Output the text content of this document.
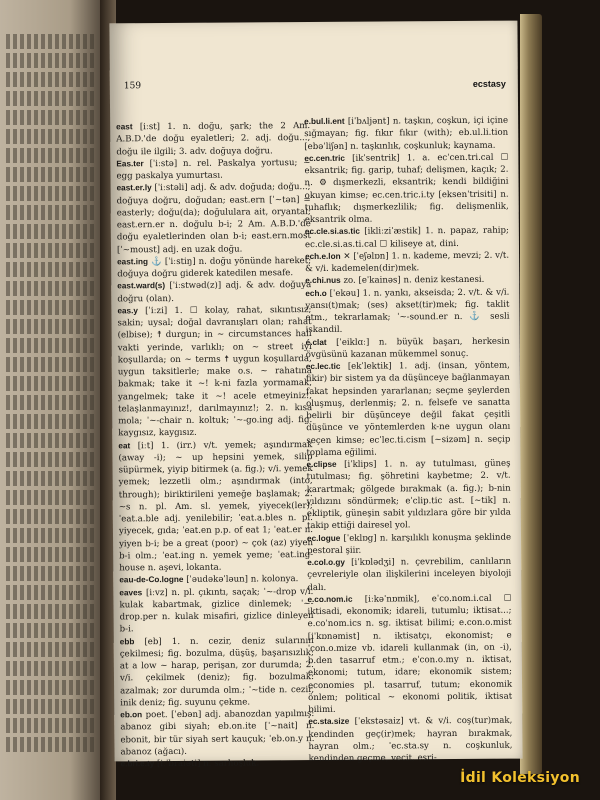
159	ecstasy

east [iːst] 1. n. doğu, şark; the 2 Am. A.B.D.'de doğu eyaletleri; 2. adj. doğu..., doğu ile ilgili; 3. adv. doğuya doğru.

Eas.ter [ˈiːstə] n. rel. Paskalya yortusu; ~ egg paskalya yumurtası.

east.er.ly [ˈiːstəli] adj. & adv. doğuda; doğu...; doğuya doğru, doğudan; east.ern [ˈ~tən] = easterly; doğu(da); doğululara ait, oryantal; east.ern.er n. doğulu b-i; 2 Am. A.B.D.'de doğu eyaletlerinden olan b-i; east.ern.most [ˈ~moust] adj. en uzak doğu.

east.ing ⚓ [ˈiːstiŋ] n. doğu yönünde hareket; doğuya doğru giderek katedilen mesafe.

east.ward(s) [ˈiːstwəd(z)] adj. & adv. doğuya doğru (olan).

eas.y [ˈiːzi] 1. ☐ kolay, rahat, sıkıntısız; sakin; uysal; doğal davranışları olan; rahat (elbise); ☨ durgun; in ~ circumstances hali vakti yerinde, varlıklı; on ~ street iyi koşullarda; on ~ terms ☨ uygun koşullarda, uygun taksitlerle; make o.s. ~ rahatına bakmak; take it ~! k-ni fazla yormamak, yangelmek; take it ~! acele etmeyiniz!, telaşlanmayınız!, darılmayınız!; 2. n. kısa mola; ˈ~-chair n. koltuk; ˈ~-go.ing adj. fig. kaygısız, kaygısız.

eat [iːt] 1. (irr.) v/t. yemek; aşındırmak (away -i); ~ up hepsini yemek, silip süpürmek, yiyip bitirmek (a. fig.); v/i. yemek yemek; lezzetli olm.; aşındırmak (into, through); biriktirileni yemeğe başlamak; 2. ~s n. pl. Am. sl. yemek, yiyecek(ler); ˈeat.a.ble adj. yenilebilir; ˈeat.a.bles n. pl. yiyecek, gıda; ˈeat.en p.p. of eat 1; ˈeat.er n. yiyen b-i; be a great (poor) ~ çok (az) yiyen b-i olm.; ˈeat.ing n. yemek yeme; ˈeat.ing-house n. aşevi, lokanta.

eau-de-Co.logne [ˈəudəkəˈləun] n. kolonya.

eaves [iːvz] n. pl. çıkıntı, saçak; ˈ~-drop v/i. kulak kabartmak, gizlice dinlemek; ˈ~-drop.per n. kulak misafiri, gizlice dinleyen b-i.

ebb [eb] 1. n. cezir, deniz sularının çekilmesi; fig. bozulma, düşüş, başarısızlık; at a low ~ harap, perişan, zor durumda; 2. v/i. çekilmek (deniz); fig. bozulmak: azalmak; zor durumda olm.; ˈ~tide n. cezir, inik deniz; fig. suyunu çekme.

eb.on poet. [ˈebən] adj. abanozdan yapılmış: abanoz gibi siyah; eb.on.ite [ˈ~nait] n. ebonit, bir tür siyah sert kauçuk; ˈeb.on.y n. abanoz (ağacı).

e.bri.e.ty [iːˈbraiəti] n. sarhoşluk.

e.bul.li.ent [iˈbʌljənt] n. taşkın, coşkun, içi içine sığmayan; fig. fıkır fıkır (with); eb.ul.li.tion [ebəˈliʃən] n. taşkınlık, coşkunluk; kaynama.

ec.cen.tric [ikˈsentrik] 1. a. ecˈcen.tri.cal ☐ eksantrik; fig. garip, tuhaf; delişmen, kaçık; 2. n. ⚙ dışmerkezli, eksantrik; kendi bildiğini okuyan kimse; ec.cen.tric.i.ty [eksenˈtrisiti] n. tuhaflık; dışmerkezlilik; fig. delişmenlik, eksantrik olma.

ec.cle.si.as.tic [ikliːziˈæstik] 1. n. papaz, rahip; ec.cle.si.as.ti.cal ☐ kiliseye at, dini.

ech.e.lon ✕ [ˈeʃəlɒn] 1. n. kademe, mevzi; 2. v/t. & v/i. kademelen(dir)mek.

e.chi.nus zo. [eˈkainəs] n. deniz kestanesi.

ech.o [ˈekəu] 1. n. yankı, akseisda; 2. v/t. & v/i. yansı(t)mak; (ses) akset(tir)mek; fig. taklit etm., tekrarlamak; ˈ~-sound.er n. ⚓ sesli iskandil.

é.clat [ˈeiklɑː] n. büyük başarı, herkesin övgüsünü kazanan mükemmel sonuç.

ec.lec.tic [ekˈlektik] 1. adj. (insan, yöntem, fikir) bir sistem ya da düşünceye bağlanmayan fakat hepsinden yararlanan; seçme şeylerden oluşmuş, derlenmiş; 2. n. felsefe ve sanatta belirli bir düşünceye değil fakat çeşitli düşünce ve yöntemlerden k-ne uygun olanı seçen kimse; ecˈlec.ti.cism [~sizəm] n. seçip toplama eğilimi.

e.clipse [iˈklips] 1. n. ay tutulması, güneş tutulması; fig. şöhretini kaybetme; 2. v/t. karartmak; gölgede bırakmak (a. fig.); b-nin yıldızını söndürmek; eˈclip.tic ast. [~tik] n. ekliptik, güneşin sabit yıldızlara göre bir yılda takip ettiği dairesel yol.

ec.logue [ˈeklɒg] n. karşılıklı konuşma şeklinde pestoral şiir.

e.col.o.gy [iˈkɒlədʒi] n. çevrebilim, canlıların çevreleriyle olan ilişkilerini inceleyen biyoloji dalı.

e.co.nom.ic [iːkəˈnɒmik], eˈco.nom.i.cal ☐ iktisadi, ekonomik; idareli, tutumlu; iktisat...; e.coˈnom.ics n. sg. iktisat bilimi; e.con.o.mist [iˈkɒnəmist] n. iktisatçı, ekonomist; eˈcon.o.mize vb. idareli kullanmak (in, on -i), b.den tasarruf etm.; eˈcon.o.my n. iktisat, ekonomi; tutum, idare; ekonomik sistem; economies pl. tasarruf, tutum; ekonomik önlem; political ~ ekonomi politik, iktisat bilimi.

ec.sta.size [ˈekstəsaiz] vt. & v/i. coş(tur)mak, kendinden geç(ir)mek; hayran bırakmak, hayran olm.; ˈec.sta.sy n. coşkunluk, kendinden geçme, vecit, esri-

İdil Koleksiyon
